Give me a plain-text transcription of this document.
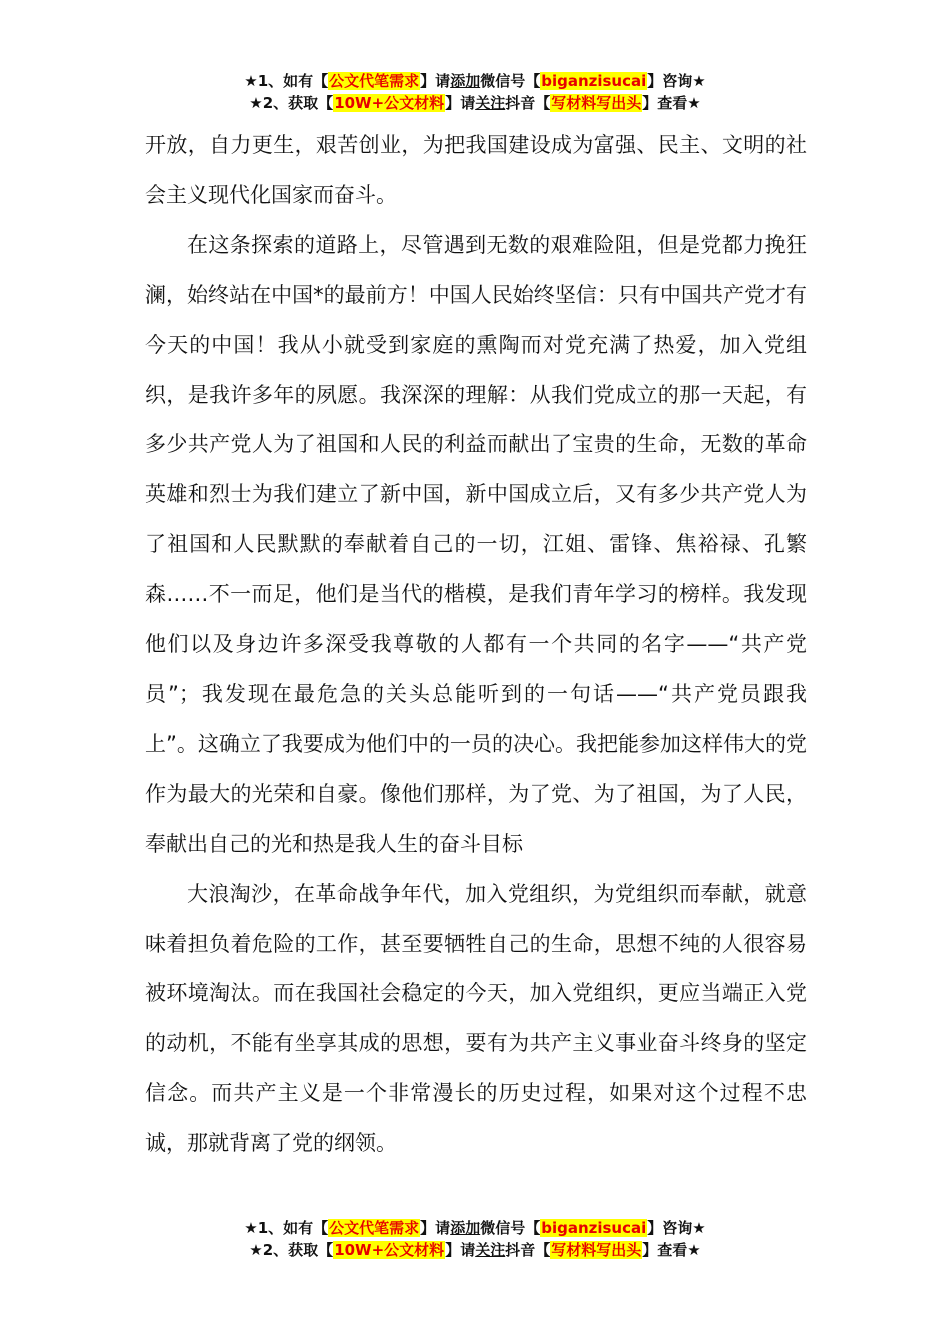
★1、如有【公文代笔需求】请添加微信号【biganzisucai】咨询★
★2、获取【10W+公文材料】请关注抖音【写材料写出头】查看★

开放，自力更生，艰苦创业，为把我国建设成为富强、民主、文明的社会主义现代化国家而奋斗。

在这条探索的道路上，尽管遇到无数的艰难险阻，但是党都力挽狂澜，始终站在中国*的最前方！中国人民始终坚信：只有中国共产党才有今天的中国！我从小就受到家庭的熏陶而对党充满了热爱，加入党组织，是我许多年的夙愿。我深深的理解：从我们党成立的那一天起，有多少共产党人为了祖国和人民的利益而献出了宝贵的生命，无数的革命英雄和烈士为我们建立了新中国，新中国成立后，又有多少共产党人为了祖国和人民默默的奉献着自己的一切，江姐、雷锋、焦裕禄、孔繁森……不一而足，他们是当代的楷模，是我们青年学习的榜样。我发现他们以及身边许多深受我尊敬的人都有一个共同的名字——“共产党员”；我发现在最危急的关头总能听到的一句话——“共产党员跟我上”。这确立了我要成为他们中的一员的决心。我把能参加这样伟大的党作为最大的光荣和自豪。像他们那样，为了党、为了祖国，为了人民，奉献出自己的光和热是我人生的奋斗目标

大浪淘沙，在革命战争年代，加入党组织，为党组织而奉献，就意味着担负着危险的工作，甚至要牺牲自己的生命，思想不纯的人很容易被环境淘汰。而在我国社会稳定的今天，加入党组织，更应当端正入党的动机，不能有坐享其成的思想，要有为共产主义事业奋斗终身的坚定信念。而共产主义是一个非常漫长的历史过程，如果对这个过程不忠诚，那就背离了党的纲领。

★1、如有【公文代笔需求】请添加微信号【biganzisucai】咨询★
★2、获取【10W+公文材料】请关注抖音【写材料写出头】查看★
